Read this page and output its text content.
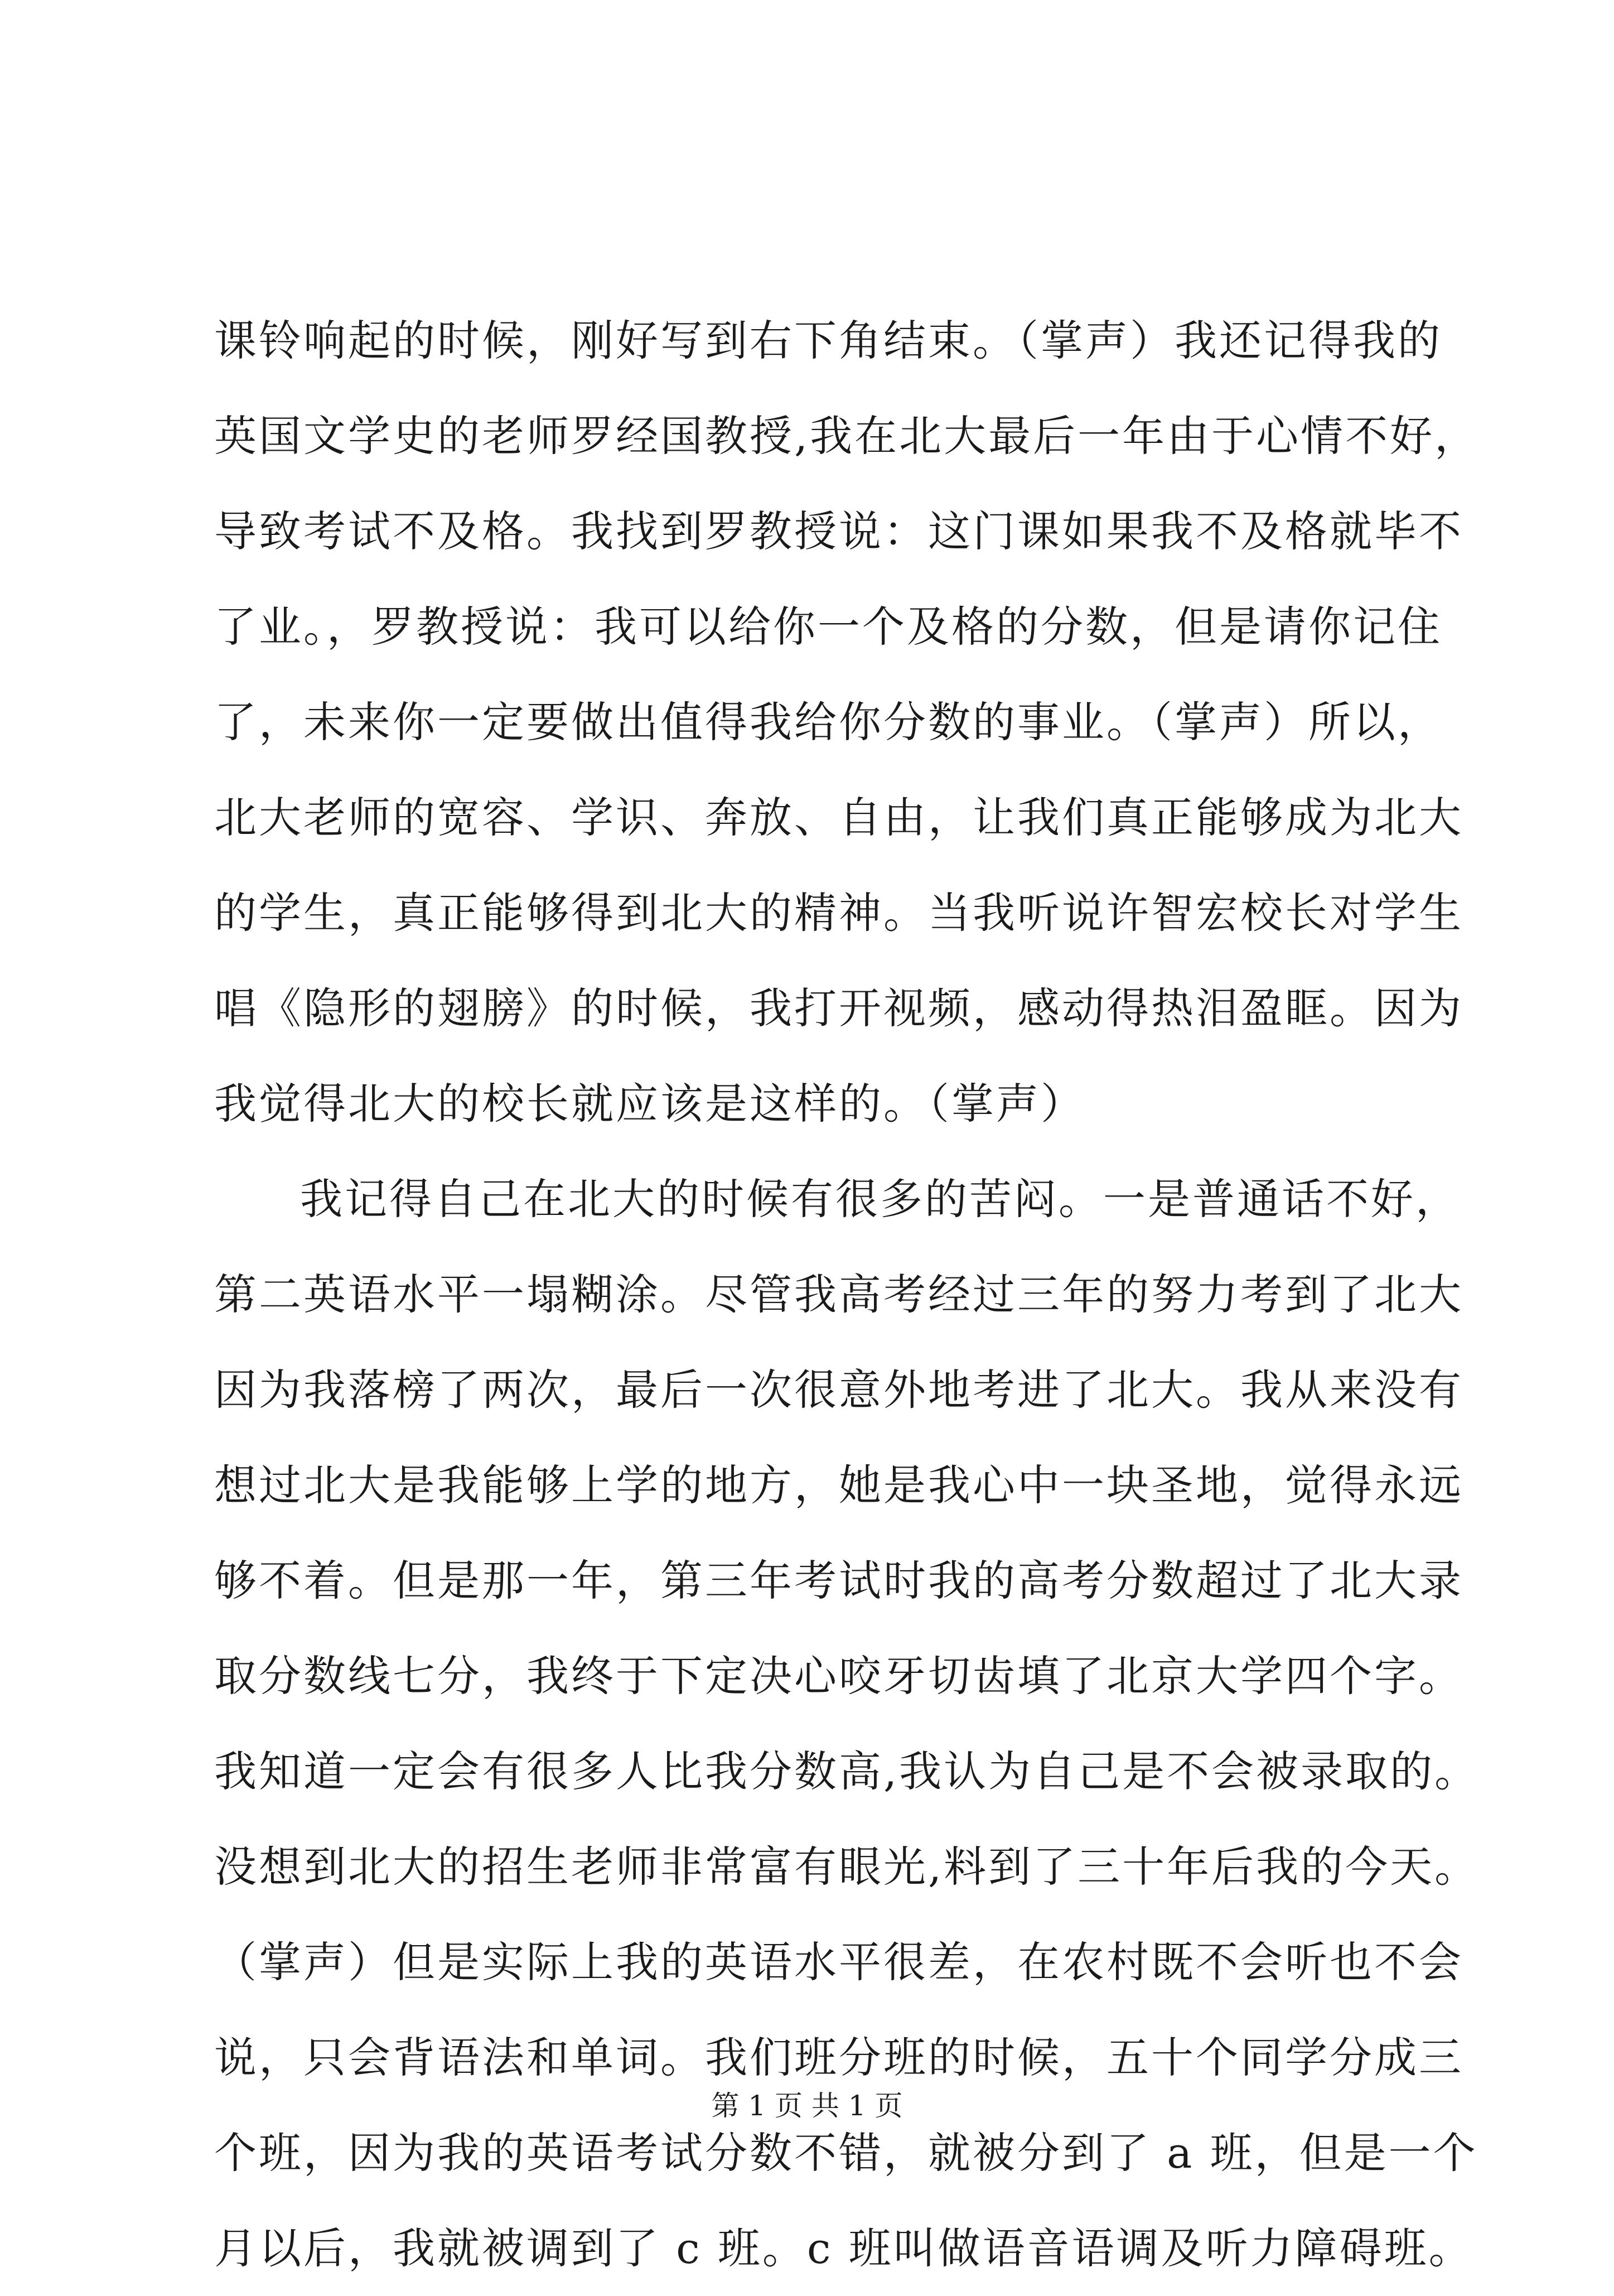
课铃响起的时候，刚好写到右下角结束。（掌声）我还记得我的
英国文学史的老师罗经国教授,我在北大最后一年由于心情不好，
导致考试不及格。我找到罗教授说：这门课如果我不及格就毕不
了业。，罗教授说：我可以给你一个及格的分数，但是请你记住
了，未来你一定要做出值得我给你分数的事业。（掌声）所以，
北大老师的宽容、学识、奔放、自由，让我们真正能够成为北大
的学生，真正能够得到北大的精神。当我听说许智宏校长对学生
唱《隐形的翅膀》的时候，我打开视频，感动得热泪盈眶。因为
我觉得北大的校长就应该是这样的。（掌声）
我记得自己在北大的时候有很多的苦闷。一是普通话不好，
第二英语水平一塌糊涂。尽管我高考经过三年的努力考到了北大
因为我落榜了两次，最后一次很意外地考进了北大。我从来没有
想过北大是我能够上学的地方，她是我心中一块圣地，觉得永远
够不着。但是那一年，第三年考试时我的高考分数超过了北大录
取分数线七分，我终于下定决心咬牙切齿填了北京大学四个字。
我知道一定会有很多人比我分数高,我认为自己是不会被录取的。
没想到北大的招生老师非常富有眼光,料到了三十年后我的今天。
（掌声）但是实际上我的英语水平很差，在农村既不会听也不会
说，只会背语法和单词。我们班分班的时候，五十个同学分成三
个班，因为我的英语考试分数不错，就被分到了 a 班，但是一个
月以后，我就被调到了 c 班。c 班叫做语音语调及听力障碍班。
第 1 页 共 1 页
